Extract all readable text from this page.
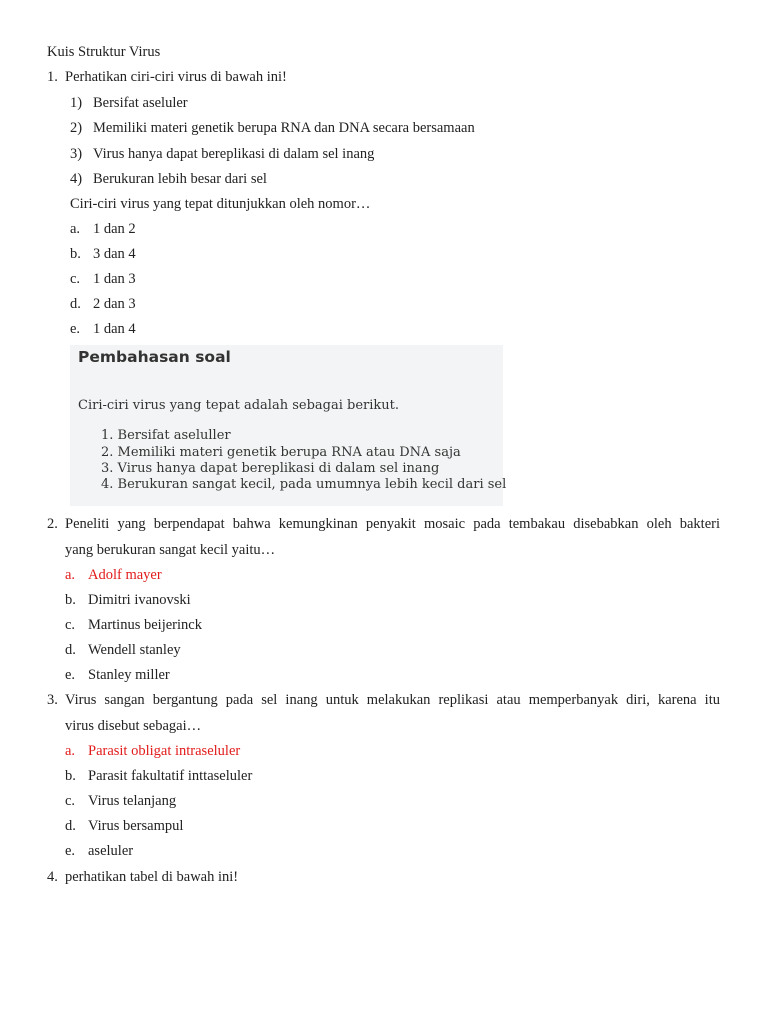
Kuis Struktur Virus
1. Perhatikan ciri-ciri virus di bawah ini!
1) Bersifat aseluler
2) Memiliki materi genetik berupa RNA dan DNA secara bersamaan
3) Virus hanya dapat bereplikasi di dalam sel inang
4) Berukuran lebih besar dari sel
Ciri-ciri virus yang tepat ditunjukkan oleh nomor…
a. 1 dan 2
b. 3 dan 4
c. 1 dan 3
d. 2 dan 3
e. 1 dan 4
Pembahasan soal
Ciri-ciri virus yang tepat adalah sebagai berikut.
1. Bersifat aseluller
2. Memiliki materi genetik berupa RNA atau DNA saja
3. Virus hanya dapat bereplikasi di dalam sel inang
4. Berukuran sangat kecil, pada umumnya lebih kecil dari sel
2. Peneliti yang berpendapat bahwa kemungkinan penyakit mosaic pada tembakau disebabkan oleh bakteri
yang berukuran sangat kecil yaitu…
a. Adolf mayer
b. Dimitri ivanovski
c. Martinus beijerinck
d. Wendell stanley
e. Stanley miller
3. Virus sangan bergantung pada sel inang untuk melakukan replikasi atau memperbanyak diri, karena itu
virus disebut sebagai…
a. Parasit obligat intraseluler
b. Parasit fakultatif inttaseluler
c. Virus telanjang
d. Virus bersampul
e. aseluler
4. perhatikan tabel di bawah ini!
